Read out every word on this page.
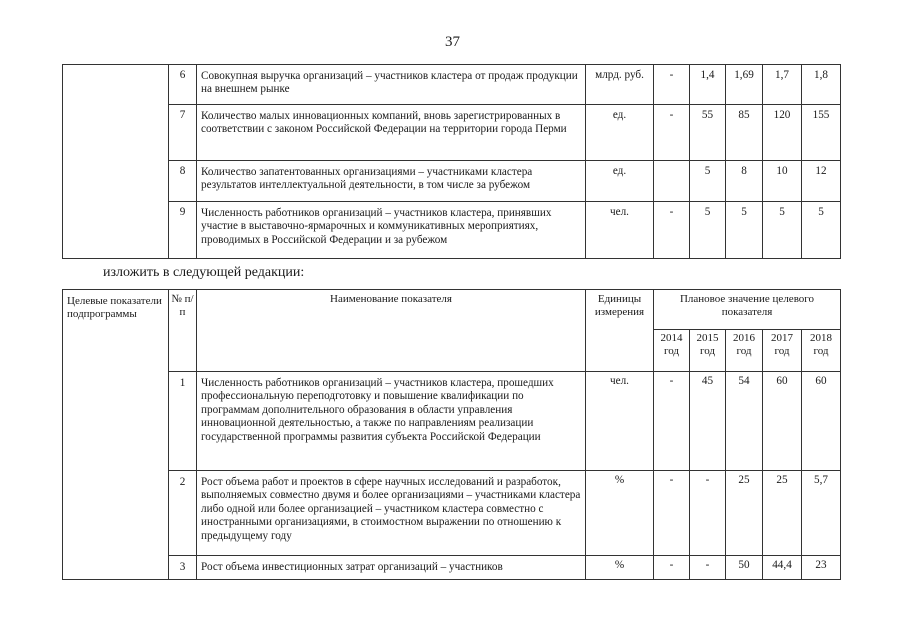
37
	6	Совокупная выручка организаций – участников кластера от продаж продукции на внешнем рынке	млрд. руб.	-	1,4	1,69	1,7	1,8
	7	Количество малых инновационных компаний, вновь зарегистрированных в соответствии с законом Российской Федерации на территории города Перми	ед.	-	55	85	120	155
	8	Количество запатентованных организациями – участниками кластера результатов интеллектуальной деятельности, в том числе за рубежом	ед.		5	8	10	12
	9	Численность работников организаций – участников кластера, принявших участие в выставочно-ярмарочных и коммуникативных мероприятиях, проводимых в Российской Федерации и за рубежом	чел.	-	5	5	5	5
изложить в следующей редакции:
Целевые показатели подпрограммы	№ п/п	Наименование показателя	Единицы измерения	Плановое значение целевого показателя				
				2014 год	2015 год	2016 год	2017 год	2018 год
	1	Численность работников организаций – участников кластера, прошедших профессиональную переподготовку и повышение квалификации по программам дополнительного образования в области управления инновационной деятельностью, а также по направлениям реализации государственной программы развития субъекта Российской Федерации	чел.	-	45	54	60	60
	2	Рост объема работ и проектов в сфере научных исследований и разработок, выполняемых совместно двумя и более организациями – участниками кластера либо одной или более организацией – участником кластера совместно с иностранными организациями, в стоимостном выражении по отношению к предыдущему году	%	-	-	25	25	5,7
	3	Рост объема инвестиционных затрат организаций – участников	%	-	-	50	44,4	23
